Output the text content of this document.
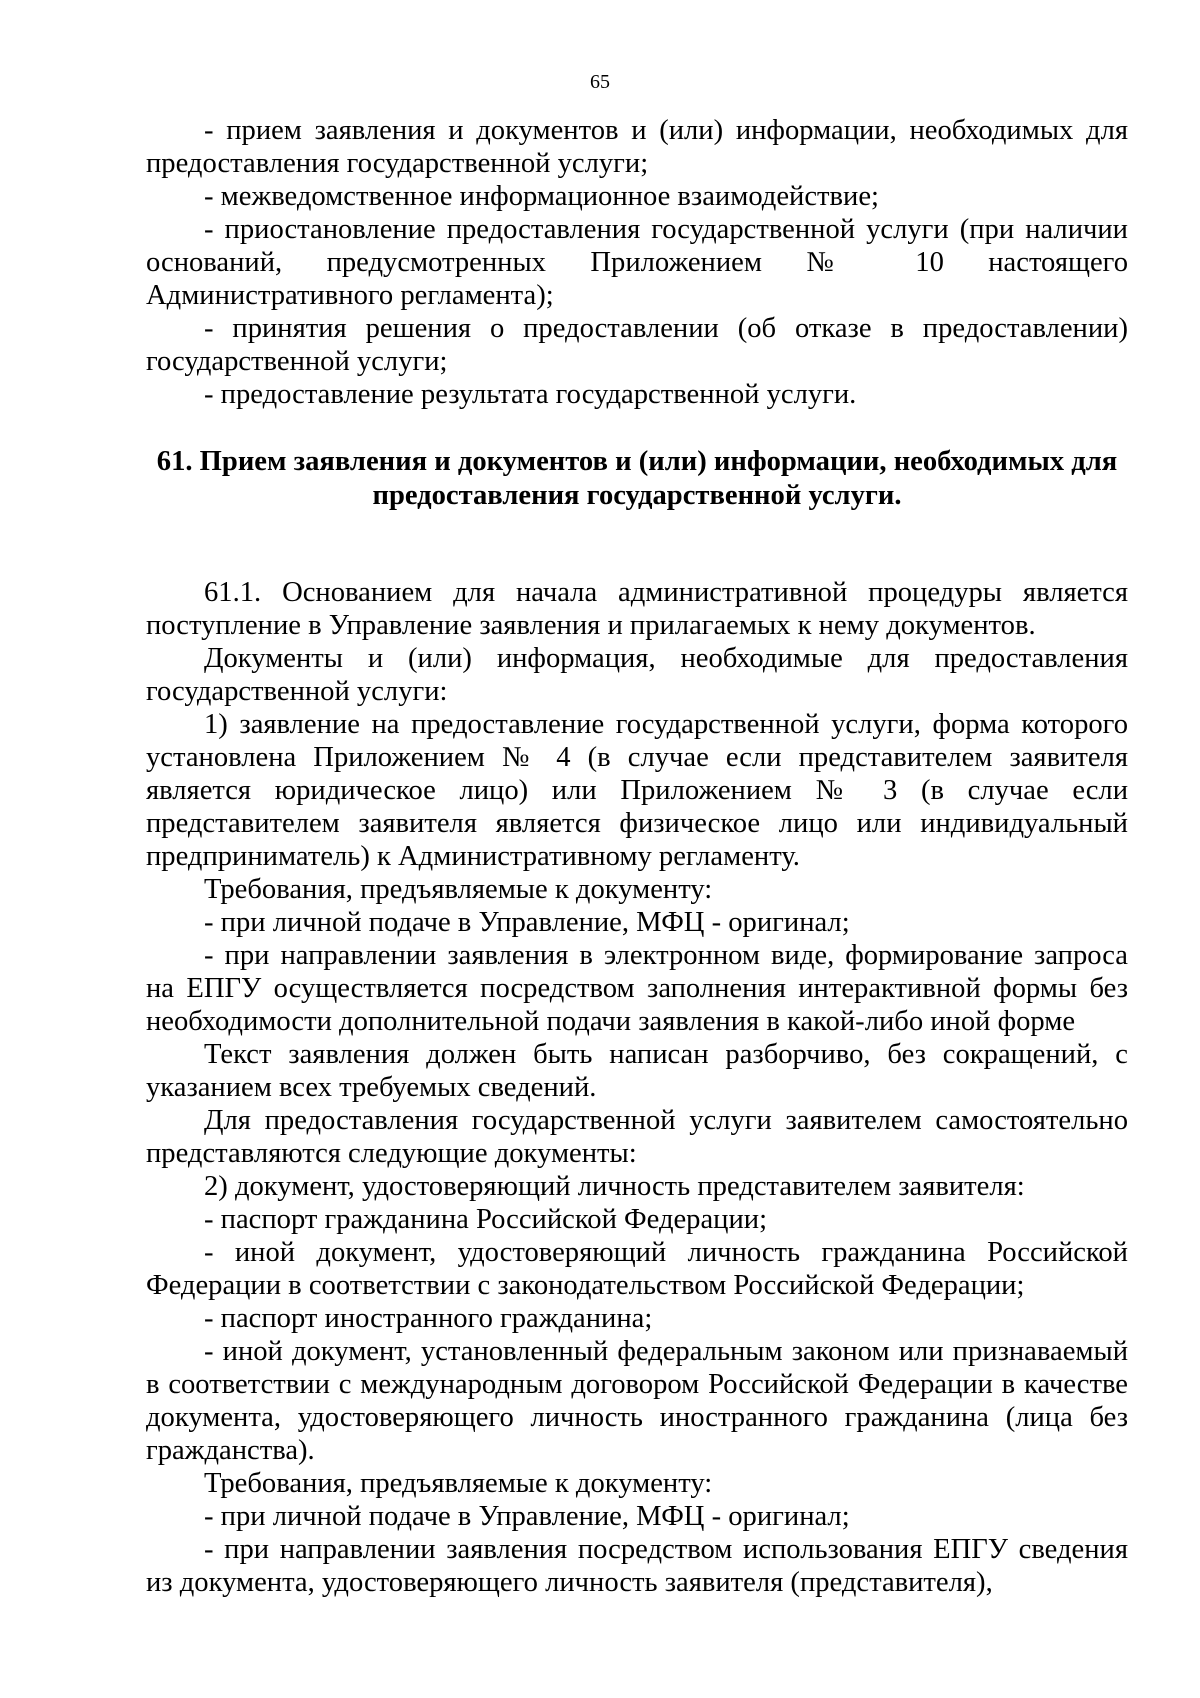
65

- прием заявления и документов и (или) информации, необходимых для предоставления государственной услуги;

- межведомственное информационное взаимодействие;

- приостановление предоставления государственной услуги (при наличии оснований, предусмотренных Приложением № 10 настоящего Административного регламента);

- принятия решения о предоставлении (об отказе в предоставлении) государственной услуги;

- предоставление результата государственной услуги.

61. Прием заявления и документов и (или) информации, необходимых для предоставления государственной услуги.

61.1. Основанием для начала административной процедуры является поступление в Управление заявления и прилагаемых к нему документов.

Документы и (или) информация, необходимые для предоставления государственной услуги:

1) заявление на предоставление государственной услуги, форма которого установлена Приложением № 4 (в случае если представителем заявителя является юридическое лицо) или Приложением № 3 (в случае если представителем заявителя является физическое лицо или индивидуальный предприниматель) к Административному регламенту.

Требования, предъявляемые к документу:

- при личной подаче в Управление, МФЦ - оригинал;

- при направлении заявления в электронном виде, формирование запроса на ЕПГУ осуществляется посредством заполнения интерактивной формы без необходимости дополнительной подачи заявления в какой-либо иной форме

Текст заявления должен быть написан разборчиво, без сокращений, с указанием всех требуемых сведений.

Для предоставления государственной услуги заявителем самостоятельно представляются следующие документы:

2) документ, удостоверяющий личность представителем заявителя:

- паспорт гражданина Российской Федерации;

- иной документ, удостоверяющий личность гражданина Российской Федерации в соответствии с законодательством Российской Федерации;

- паспорт иностранного гражданина;

- иной документ, установленный федеральным законом или признаваемый в соответствии с международным договором Российской Федерации в качестве документа, удостоверяющего личность иностранного гражданина (лица без гражданства).

Требования, предъявляемые к документу:

- при личной подаче в Управление, МФЦ - оригинал;

- при направлении заявления посредством использования ЕПГУ сведения из документа, удостоверяющего личность заявителя (представителя),
